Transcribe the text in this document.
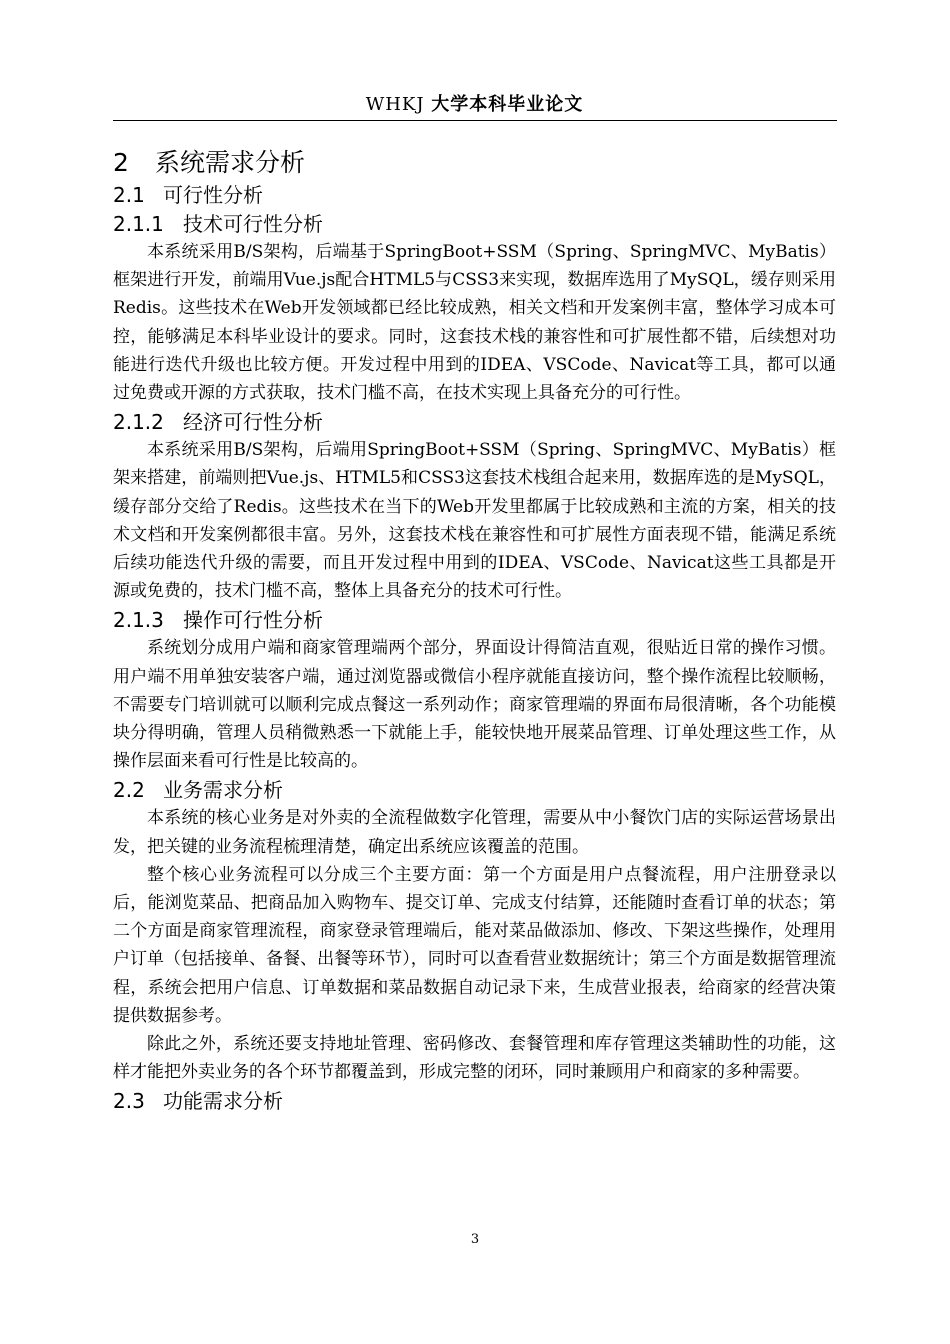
WHKJ 大学本科毕业论文
2 系统需求分析
2.1 可行性分析
2.1.1 技术可行性分析

本系统采用B/S架构，后端基于SpringBoot+SSM（Spring、SpringMVC、MyBatis）框架进行开发，前端用Vue.js配合HTML5与CSS3来实现，数据库选用了MySQL，缓存则采用Redis。这些技术在Web开发领域都已经比较成熟，相关文档和开发案例丰富，整体学习成本可控，能够满足本科毕业设计的要求。同时，这套技术栈的兼容性和可扩展性都不错，后续想对功能进行迭代升级也比较方便。开发过程中用到的IDEA、VSCode、Navicat等工具，都可以通过免费或开源的方式获取，技术门槛不高，在技术实现上具备充分的可行性。

2.1.2 经济可行性分析

本系统采用B/S架构，后端用SpringBoot+SSM（Spring、SpringMVC、MyBatis）框架来搭建，前端则把Vue.js、HTML5和CSS3这套技术栈组合起来用，数据库选的是MySQL，缓存部分交给了Redis。这些技术在当下的Web开发里都属于比较成熟和主流的方案，相关的技术文档和开发案例都很丰富。另外，这套技术栈在兼容性和可扩展性方面表现不错，能满足系统后续功能迭代升级的需要，而且开发过程中用到的IDEA、VSCode、Navicat这些工具都是开源或免费的，技术门槛不高，整体上具备充分的技术可行性。

2.1.3 操作可行性分析

系统划分成用户端和商家管理端两个部分，界面设计得简洁直观，很贴近日常的操作习惯。用户端不用单独安装客户端，通过浏览器或微信小程序就能直接访问，整个操作流程比较顺畅，不需要专门培训就可以顺利完成点餐这一系列动作；商家管理端的界面布局很清晰，各个功能模块分得明确，管理人员稍微熟悉一下就能上手，能较快地开展菜品管理、订单处理这些工作，从操作层面来看可行性是比较高的。

2.2 业务需求分析

本系统的核心业务是对外卖的全流程做数字化管理，需要从中小餐饮门店的实际运营场景出发，把关键的业务流程梳理清楚，确定出系统应该覆盖的范围。

整个核心业务流程可以分成三个主要方面：第一个方面是用户点餐流程，用户注册登录以后，能浏览菜品、把商品加入购物车、提交订单、完成支付结算，还能随时查看订单的状态；第二个方面是商家管理流程，商家登录管理端后，能对菜品做添加、修改、下架这些操作，处理用户订单（包括接单、备餐、出餐等环节），同时可以查看营业数据统计；第三个方面是数据管理流程，系统会把用户信息、订单数据和菜品数据自动记录下来，生成营业报表，给商家的经营决策提供数据参考。

除此之外，系统还要支持地址管理、密码修改、套餐管理和库存管理这类辅助性的功能，这样才能把外卖业务的各个环节都覆盖到，形成完整的闭环，同时兼顾用户和商家的多种需要。

2.3 功能需求分析
3
